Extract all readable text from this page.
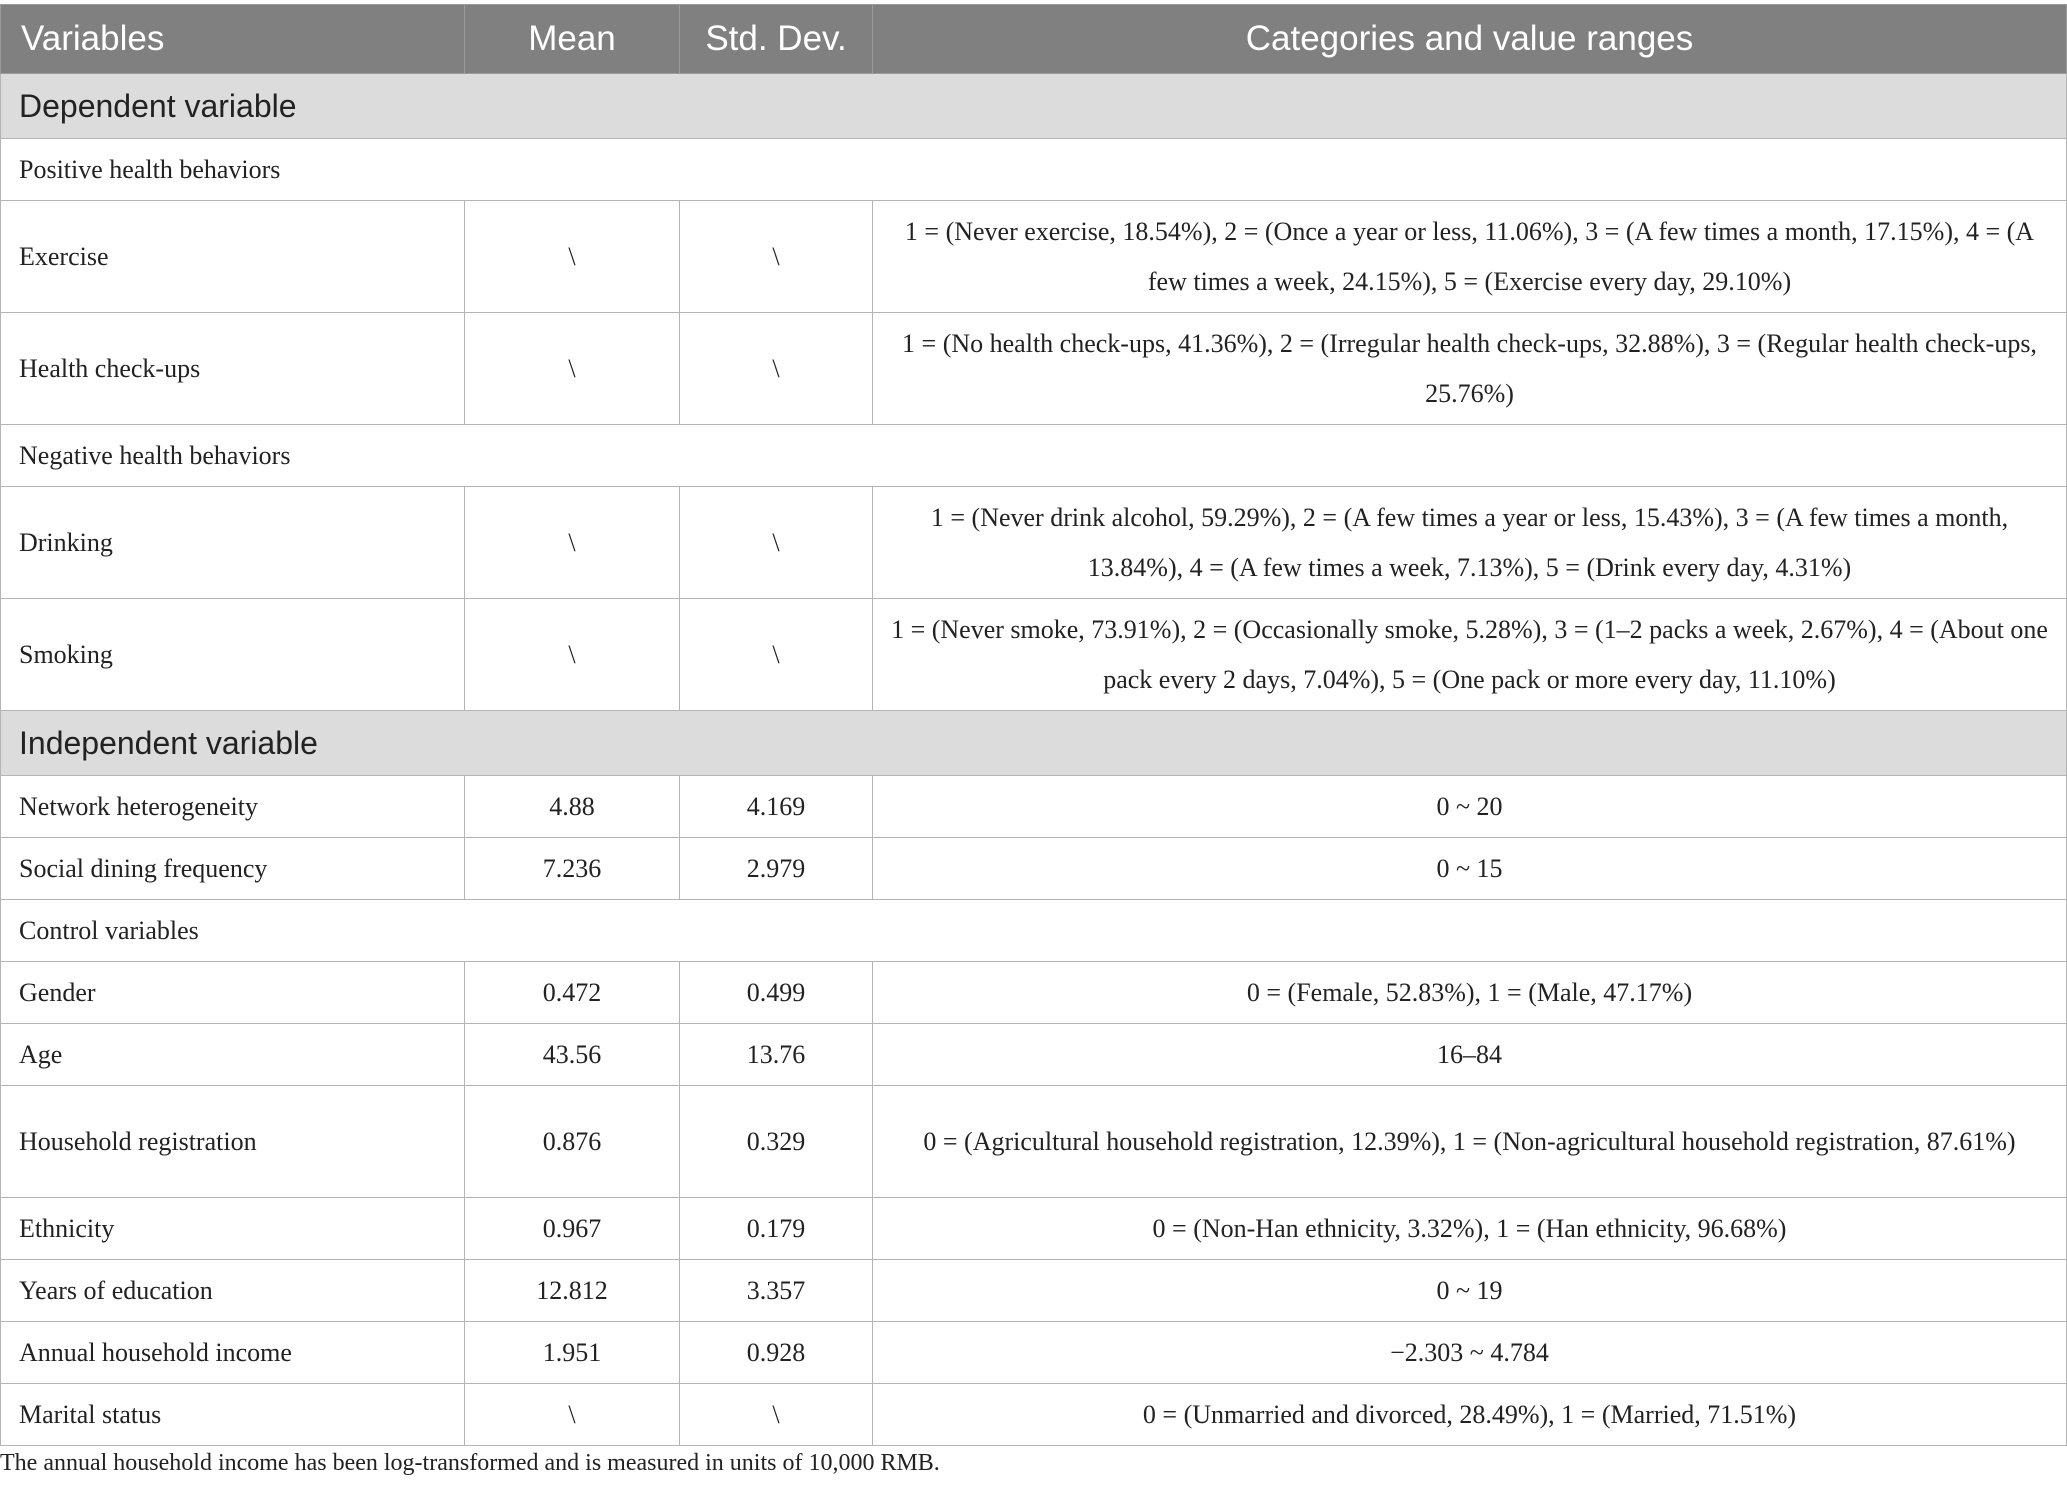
Variables	Mean	Std. Dev.	Categories and value ranges
Dependent variable			
Positive health behaviors			
Exercise	\	\	1 = (Never exercise, 18.54%), 2 = (Once a year or less, 11.06%), 3 = (A few times a month, 17.15%), 4 = (A few times a week, 24.15%), 5 = (Exercise every day, 29.10%)
Health check-ups	\	\	1 = (No health check-ups, 41.36%), 2 = (Irregular health check-ups, 32.88%), 3 = (Regular health check-ups, 25.76%)
Negative health behaviors			
Drinking	\	\	1 = (Never drink alcohol, 59.29%), 2 = (A few times a year or less, 15.43%), 3 = (A few times a month, 13.84%), 4 = (A few times a week, 7.13%), 5 = (Drink every day, 4.31%)
Smoking	\	\	1 = (Never smoke, 73.91%), 2 = (Occasionally smoke, 5.28%), 3 = (1–2 packs a week, 2.67%), 4 = (About one pack every 2 days, 7.04%), 5 = (One pack or more every day, 11.10%)
Independent variable			
Network heterogeneity	4.88	4.169	0 ~ 20
Social dining frequency	7.236	2.979	0 ~ 15
Control variables			
Gender	0.472	0.499	0 = (Female, 52.83%), 1 = (Male, 47.17%)
Age	43.56	13.76	16–84
Household registration	0.876	0.329	0 = (Agricultural household registration, 12.39%), 1 = (Non-agricultural household registration, 87.61%)
Ethnicity	0.967	0.179	0 = (Non-Han ethnicity, 3.32%), 1 = (Han ethnicity, 96.68%)
Years of education	12.812	3.357	0 ~ 19
Annual household income	1.951	0.928	−2.303 ~ 4.784
Marital status	\	\	0 = (Unmarried and divorced, 28.49%), 1 = (Married, 71.51%)

The annual household income has been log-transformed and is measured in units of 10,000 RMB.
